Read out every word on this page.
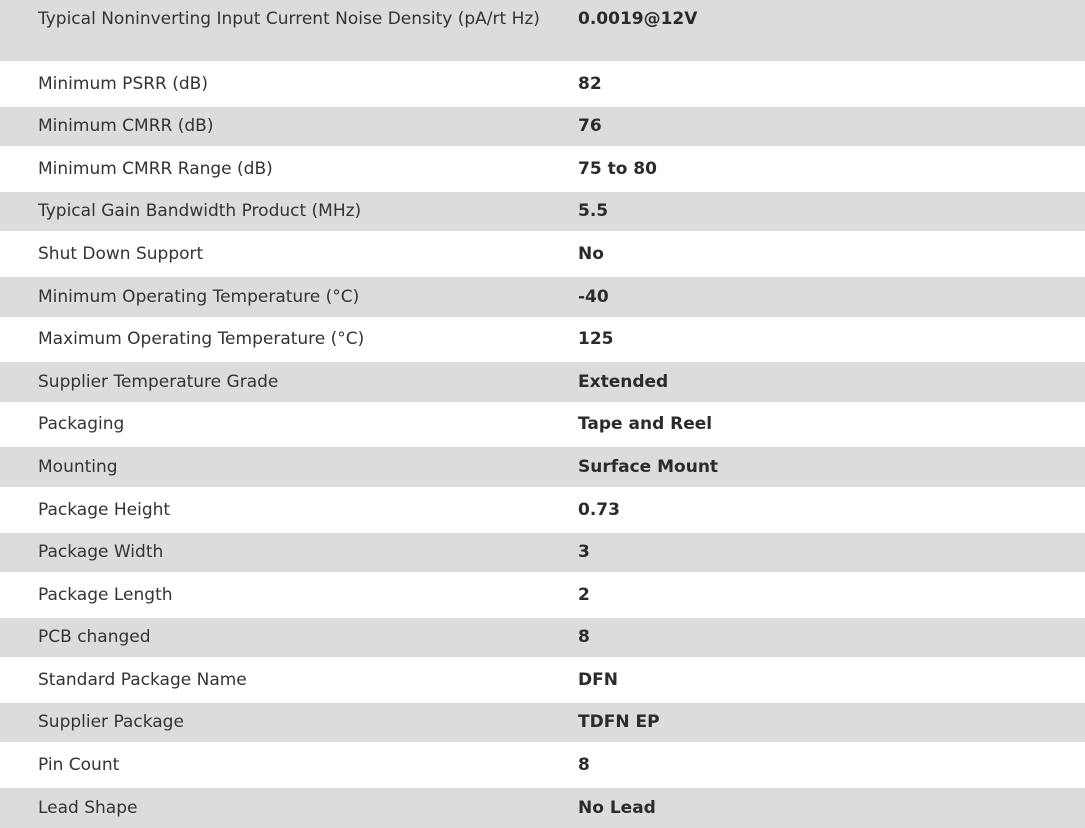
Typical Noninverting Input Current Noise Density (pA/rt Hz)	0.0019@12V
Minimum PSRR (dB)	82
Minimum CMRR (dB)	76
Minimum CMRR Range (dB)	75 to 80
Typical Gain Bandwidth Product (MHz)	5.5
Shut Down Support	No
Minimum Operating Temperature (°C)	-40
Maximum Operating Temperature (°C)	125
Supplier Temperature Grade	Extended
Packaging	Tape and Reel
Mounting	Surface Mount
Package Height	0.73
Package Width	3
Package Length	2
PCB changed	8
Standard Package Name	DFN
Supplier Package	TDFN EP
Pin Count	8
Lead Shape	No Lead
